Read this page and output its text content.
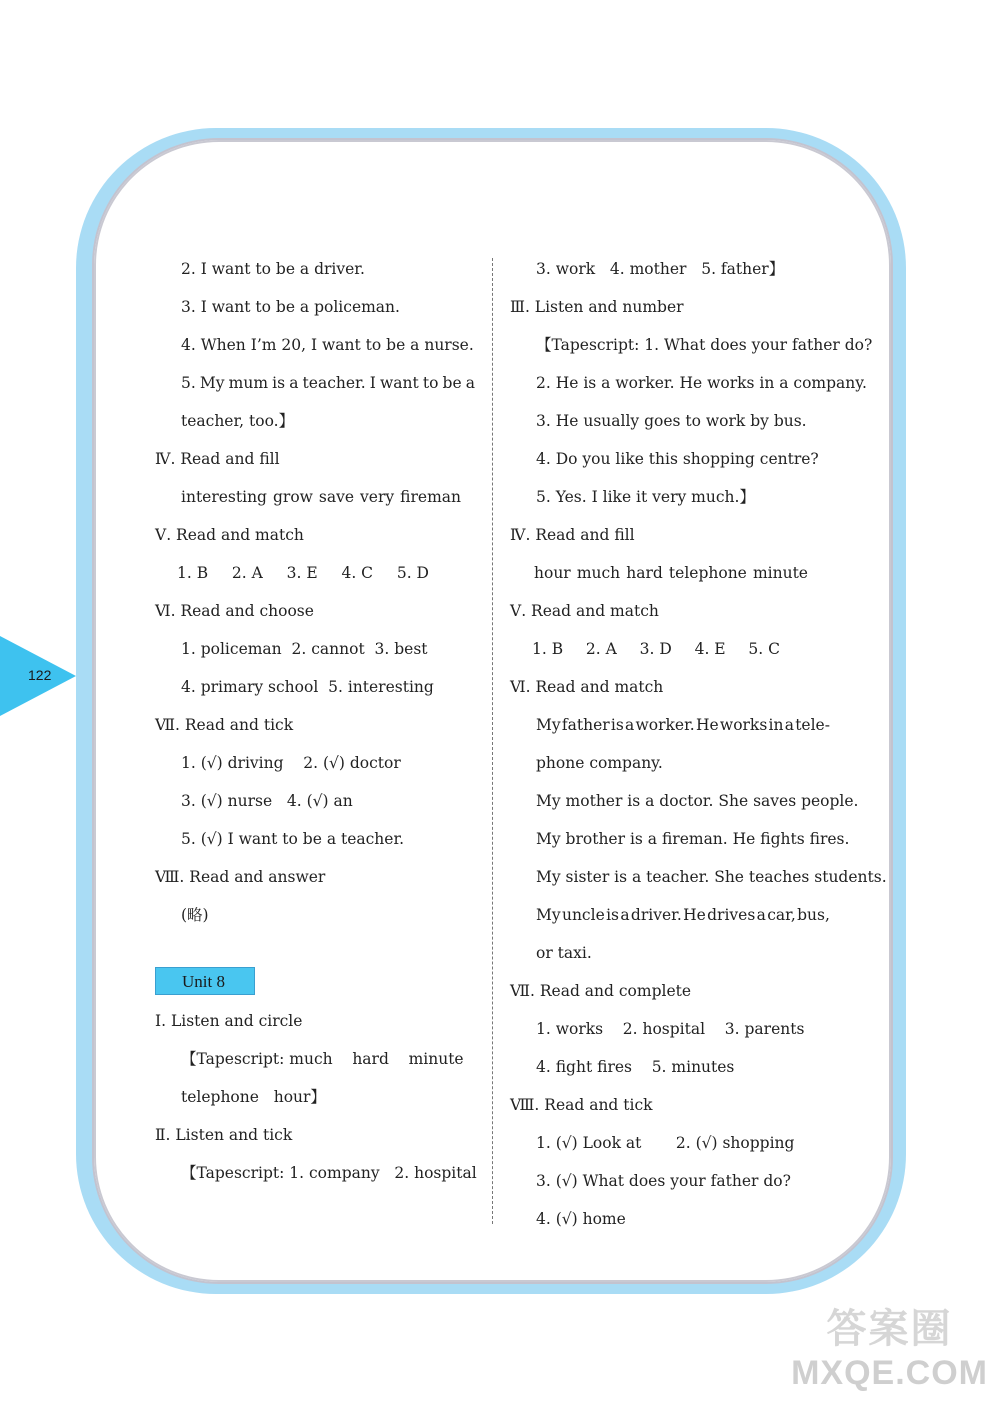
122
2. I want to be a driver.
3. I want to be a policeman.
4. When I’m 20, I want to be a nurse.
5. My mum is a teacher. I want to be a
teacher, too.】
Ⅳ. Read and fill
interesting grow save very fireman
Ⅴ. Read and match
1. B 2. A 3. E 4. C 5. D
Ⅵ. Read and choose
1. policeman  2. cannot  3. best
4. primary school  5. interesting
Ⅶ. Read and tick
1. (√) driving    2. (√) doctor
3. (√) nurse   4. (√) an
5. (√) I want to be a teacher.
Ⅷ. Read and answer
(略)
Unit 8
Ⅰ. Listen and circle
【Tapescript: much    hard    minute
telephone   hour】
Ⅱ. Listen and tick
【Tapescript: 1. company   2. hospital
3. work   4. mother   5. father】
Ⅲ. Listen and number
【Tapescript: 1. What does your father do?
2. He is a worker. He works in a company.
3. He usually goes to work by bus.
4. Do you like this shopping centre?
5. Yes. I like it very much.】
Ⅳ. Read and fill
hour much hard telephone minute
Ⅴ. Read and match
1. B 2. A 3. D 4. E 5. C
Ⅵ. Read and match
My father is a worker. He works in a tele-
phone company.
My mother is a doctor. She saves people.
My brother is a fireman. He fights fires.
My sister is a teacher. She teaches students.
My uncle is a driver. He drives a car, bus,
or taxi.
Ⅶ. Read and complete
1. works    2. hospital    3. parents
4. fight fires    5. minutes
Ⅷ. Read and tick
1. (√) Look at       2. (√) shopping
3. (√) What does your father do?
4. (√) home
答案圈
MXQE.COM
